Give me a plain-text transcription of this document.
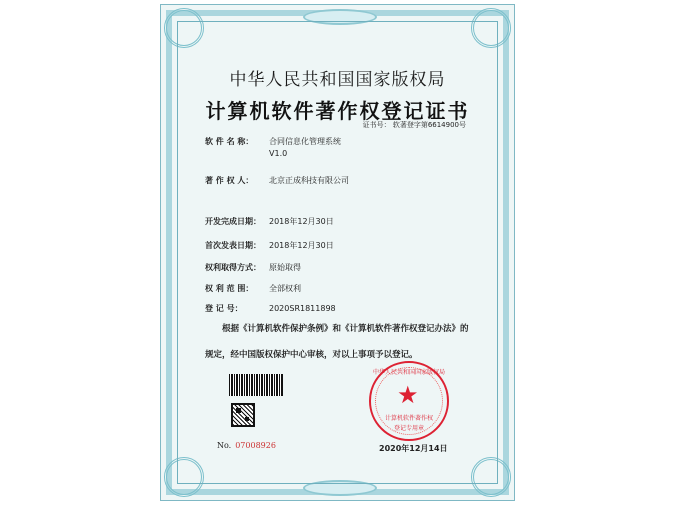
中华人民共和国国家版权局
计算机软件著作权登记证书
证书号： 软著登字第6614900号
软 件 名 称：	合同信息化管理系统
V1.0
著 作 权 人：	北京正成科技有限公司
开发完成日期：	2018年12月30日
首次发表日期：	2018年12月30日
权利取得方式：	原始取得
权 利 范 围：	全部权利
登 记 号：	2020SR1811898
根据《计算机软件保护条例》和《计算机软件著作权登记办法》的
规定，经中国版权保护中心审核，对以上事项予以登记。
No. 07008926
中华人民共和国国家版权局
★
计算机软件著作权
登记专用章
2020年12月14日
